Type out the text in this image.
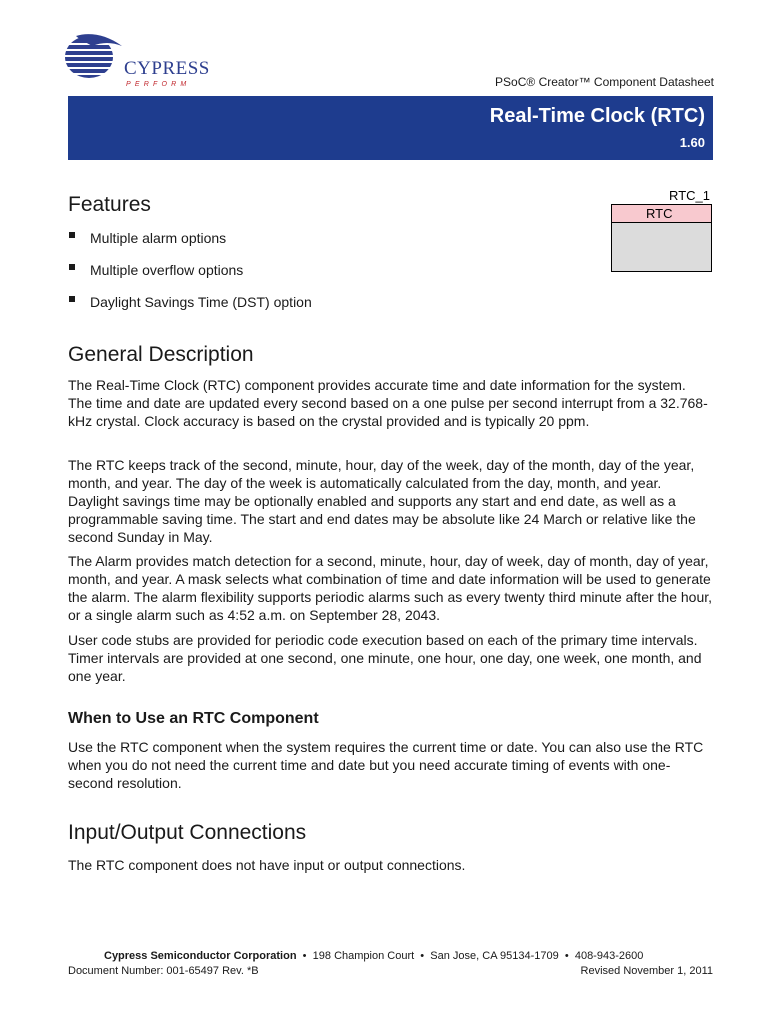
CYPRESS
PERFORM	PSoC® Creator™ Component Datasheet
Real-Time Clock (RTC)
1.60
RTC_1
RTC
Features
Multiple alarm options
Multiple overflow options
Daylight Savings Time (DST) option
General Description

The Real-Time Clock (RTC) component provides accurate time and date information for the system. The time and date are updated every second based on a one pulse per second interrupt from a 32.768-kHz crystal. Clock accuracy is based on the crystal provided and is typically 20 ppm.

The RTC keeps track of the second, minute, hour, day of the week, day of the month, day of the year, month, and year. The day of the week is automatically calculated from the day, month, and year. Daylight savings time may be optionally enabled and supports any start and end date, as well as a programmable saving time. The start and end dates may be absolute like 24 March or relative like the second Sunday in May.

The Alarm provides match detection for a second, minute, hour, day of week, day of month, day of year, month, and year. A mask selects what combination of time and date information will be used to generate the alarm. The alarm flexibility supports periodic alarms such as every twenty third minute after the hour, or a single alarm such as 4:52 a.m. on September 28, 2043.

User code stubs are provided for periodic code execution based on each of the primary time intervals. Timer intervals are provided at one second, one minute, one hour, one day, one week, one month, and one year.

When to Use an RTC Component

Use the RTC component when the system requires the current time or date. You can also use the RTC when you do not need the current time and date but you need accurate timing of events with one-second resolution.

Input/Output Connections

The RTC component does not have input or output connections.

Cypress Semiconductor Corporation • 198 Champion Court • San Jose, CA 95134-1709 • 408-943-2600
Document Number: 001-65497 Rev. *B	Revised November 1, 2011
